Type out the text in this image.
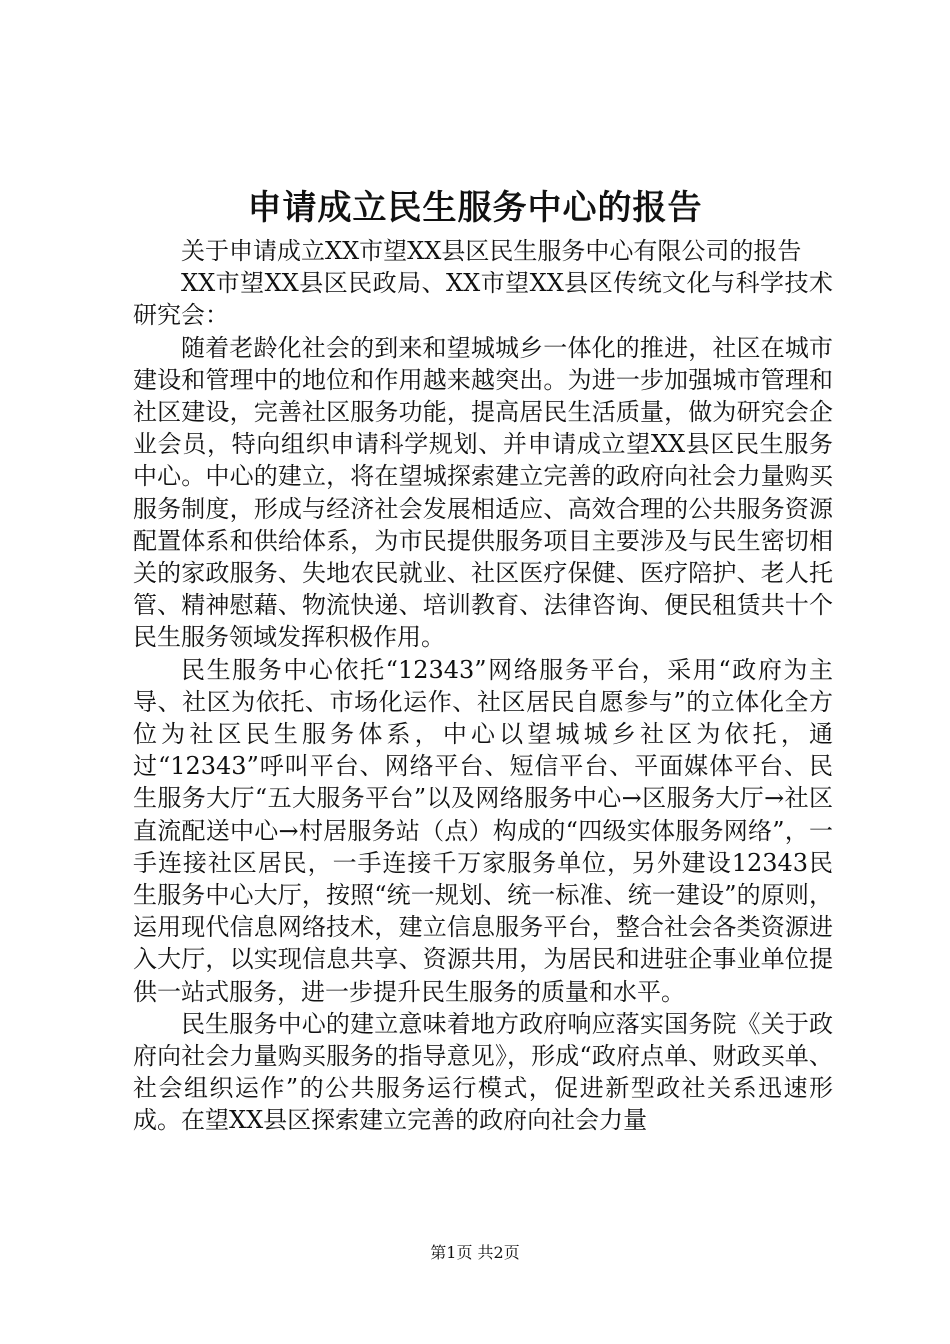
申请成立民生服务中心的报告

关于申请成立XX市望XX县区民生服务中心有限公司的报告

XX市望XX县区民政局、XX市望XX县区传统文化与科学技术研究会：

随着老龄化社会的到来和望城城乡一体化的推进，社区在城市建设和管理中的地位和作用越来越突出。为进一步加强城市管理和社区建设，完善社区服务功能，提高居民生活质量，做为研究会企业会员，特向组织申请科学规划、并申请成立望XX县区民生服务中心。中心的建立，将在望城探索建立完善的政府向社会力量购买服务制度，形成与经济社会发展相适应、高效合理的公共服务资源配置体系和供给体系，为市民提供服务项目主要涉及与民生密切相关的家政服务、失地农民就业、社区医疗保健、医疗陪护、老人托管、精神慰藉、物流快递、培训教育、法律咨询、便民租赁共十个民生服务领域发挥积极作用。

民生服务中心依托“12343”网络服务平台，采用“政府为主导、社区为依托、市场化运作、社区居民自愿参与”的立体化全方位为社区民生服务体系，中心以望城城乡社区为依托，通过“12343”呼叫平台、网络平台、短信平台、平面媒体平台、民生服务大厅“五大服务平台”以及网络服务中心→区服务大厅→社区直流配送中心→村居服务站（点）构成的“四级实体服务网络”，一手连接社区居民，一手连接千万家服务单位，另外建设12343民生服务中心大厅，按照“统一规划、统一标准、统一建设”的原则，运用现代信息网络技术，建立信息服务平台，整合社会各类资源进入大厅，以实现信息共享、资源共用，为居民和进驻企事业单位提供一站式服务，进一步提升民生服务的质量和水平。

民生服务中心的建立意味着地方政府响应落实国务院《关于政府向社会力量购买服务的指导意见》，形成“政府点单、财政买单、社会组织运作”的公共服务运行模式，促进新型政社关系迅速形成。在望XX县区探索建立完善的政府向社会力量

第1页 共2页
